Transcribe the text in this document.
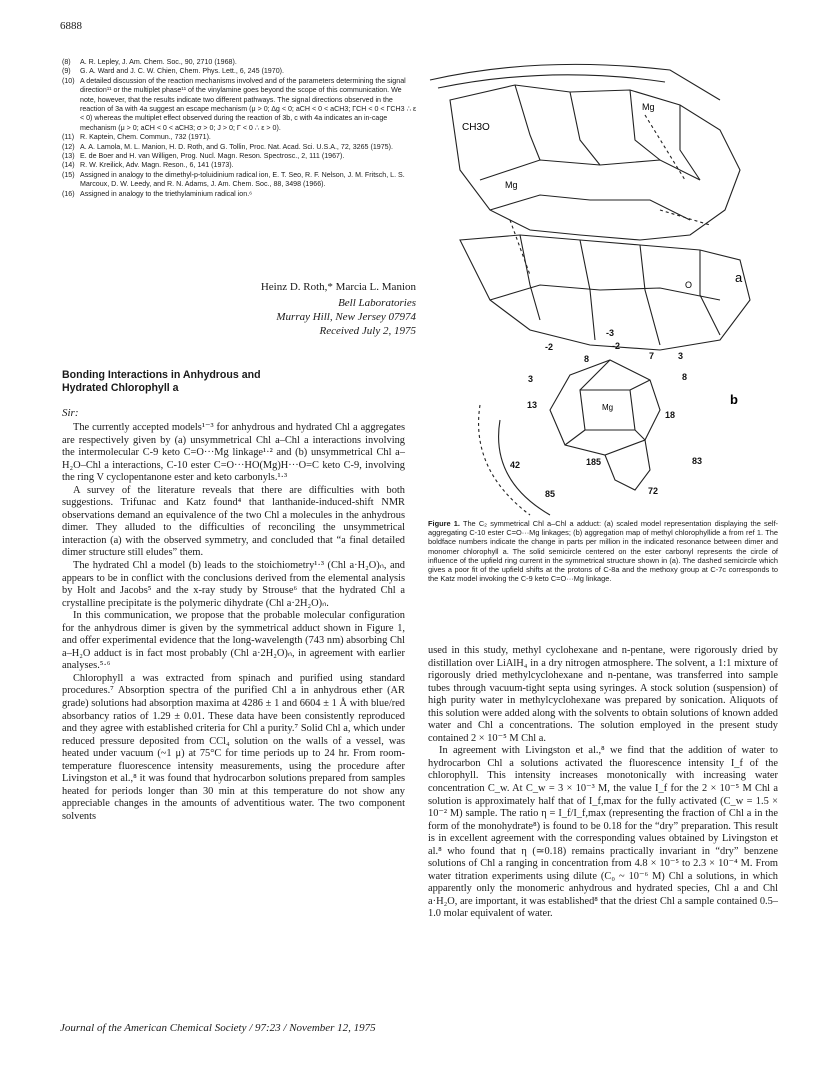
6888
(8)	A. R. Lepley, J. Am. Chem. Soc., 90, 2710 (1968).
(9)	G. A. Ward and J. C. W. Chien, Chem. Phys. Lett., 6, 245 (1970).
(10) A detailed discussion of the reaction mechanisms involved and of the parameters determining the signal direction¹¹ or the multiplet phase¹¹ of the vinylamine goes beyond the scope of this communication. We note, however, that the results indicate two different pathways. The signal directions observed in the reaction of 3a with 4a suggest an escape mechanism (μ > 0; Δg < 0; aCH < 0 < aCH3; ΓCH < 0 < ΓCH3 ∴ ε < 0) whereas the multiplet effect observed during the reaction of 3b, c with 4a indicates an in-cage mechanism (μ > 0; aCH < 0 < aCH3; σ > 0; J > 0; Γ < 0 ∴ ε > 0).
(11) R. Kaptein, Chem. Commun., 732 (1971).
(12) A. A. Lamola, M. L. Manion, H. D. Roth, and G. Tollin, Proc. Nat. Acad. Sci. U.S.A., 72, 3265 (1975).
(13) E. de Boer and H. van Willigen, Prog. Nucl. Magn. Reson. Spectrosc., 2, 111 (1967).
(14) R. W. Kreilick, Adv. Magn. Reson., 6, 141 (1973).
(15) Assigned in analogy to the dimethyl-p-toluidinium radical ion, E. T. Seo, R. F. Nelson, J. M. Fritsch, L. S. Marcoux, D. W. Leedy, and R. N. Adams, J. Am. Chem. Soc., 88, 3498 (1966).
(16) Assigned in analogy to the triethylaminium radical ion.⁶
Heinz D. Roth,* Marcia L. Manion
Bell Laboratories
Murray Hill, New Jersey 07974
Received July 2, 1975
Bonding Interactions in Anhydrous and
Hydrated Chlorophyll a
Sir:

The currently accepted models¹⁻³ for anhydrous and hydrated Chl a aggregates are respectively given by (a) unsymmetrical Chl a–Chl a interactions involving the intermolecular C-9 keto C=O···Mg linkage¹·² and (b) unsymmetrical Chl a–H₂O–Chl a interactions, C-10 ester C=O···HO(Mg)H···O=C keto C-9, involving the ring V cyclopentanone ester and keto carbonyls.¹·³

A survey of the literature reveals that there are difficulties with both suggestions. Trifunac and Katz found⁴ that lanthanide-induced-shift NMR observations demand an equivalence of the two Chl a molecules in the anhydrous dimer. They alluded to the difficulties of reconciling the unsymmetrical interaction (a) with the observed symmetry, and concluded that “a final detailed dimer structure still eludes” them.

The hydrated Chl a model (b) leads to the stoichiometry¹·³ (Chl a·H₂O)ₙ, and appears to be in conflict with the conclusions derived from the elemental analysis by Holt and Jacobs⁵ and the x-ray study by Strouse⁶ that the hydrated Chl a crystalline precipitate is the polymeric dihydrate (Chl a·2H₂O)ₙ.

In this communication, we propose that the probable molecular configuration for the anhydrous dimer is given by the symmetrical adduct shown in Figure 1, and offer experimental evidence that the long-wavelength (743 nm) absorbing Chl a–H₂O adduct is in fact most probably (Chl a·2H₂O)ₙ, in agreement with earlier analyses.⁵·⁶

Chlorophyll a was extracted from spinach and purified using standard procedures.⁷ Absorption spectra of the purified Chl a in anhydrous ether (AR grade) solutions had absorption maxima at 4286 ± 1 and 6604 ± 1 Å with blue/red absorbancy ratios of 1.29 ± 0.01. These data have been consistently reproduced and they agree with established criteria for Chl a purity.⁷ Solid Chl a, which under reduced pressure deposited from CCl₄ solution on the walls of a vessel, was heated under vacuum (~1 μ) at 75°C for time periods up to 24 hr. From room-temperature fluorescence intensity measurements, using the procedure after Livingston et al.,⁸ it was found that hydrocarbon solutions prepared from samples heated for periods longer than 30 min at this temperature do not show any appreciable changes in the amounts of adventitious water. The two component solvents

CH3O
Mg
Mg
O
Mg
a
b
-3
-2	-2
8	7	3
3	8
13
18
42	83
185
85	72
Figure 1. The C₂ symmetrical Chl a–Chl a adduct: (a) scaled model representation displaying the self-aggregating C-10 ester C=O···Mg linkages; (b) aggregation map of methyl chlorophyllide a from ref 1. The boldface numbers indicate the change in parts per million in the indicated resonance between dimer and monomer chlorophyll a. The solid semicircle centered on the ester carbonyl represents the circle of influence of the upfield ring current in the symmetrical structure shown in (a). The dashed semicircle which gives a poor fit of the upfield shifts at the protons of C-8a and the methoxy group at C-7c corresponds to the Katz model invoking the C-9 keto C=O···Mg linkage.

used in this study, methyl cyclohexane and n-pentane, were rigorously dried by distillation over LiAlH₄ in a dry nitrogen atmosphere. The solvent, a 1:1 mixture of rigorously dried methylcyclohexane and n-pentane, was transferred into sample tubes through vacuum-tight septa using syringes. A stock solution (suspension) of high purity water in methylcyclohexane was prepared by sonication. Aliquots of this solution were added along with the solvents to obtain solutions of known added water and Chl a concentrations. The solution employed in the present study contained 2 × 10⁻⁵ M Chl a.

In agreement with Livingston et al.,⁸ we find that the addition of water to hydrocarbon Chl a solutions activated the fluorescence intensity I_f of the chlorophyll. This intensity increases monotonically with increasing water concentration C_w. At C_w = 3 × 10⁻³ M, the value I_f for the 2 × 10⁻⁵ M Chl a solution is approximately half that of I_f,max for the fully activated (C_w = 1.5 × 10⁻² M) sample. The ratio η = I_f/I_f,max (representing the fraction of Chl a in the form of the monohydrate⁸) is found to be 0.18 for the “dry” preparation. This result is in excellent agreement with the corresponding values obtained by Livingston et al.⁸ who found that η (≃0.18) remains practically invariant in “dry” benzene solutions of Chl a ranging in concentration from 4.8 × 10⁻⁵ to 2.3 × 10⁻⁴ M. From water titration experiments using dilute (C₀ ~ 10⁻⁶ M) Chl a solutions, in which apparently only the monomeric anhydrous and hydrated species, Chl a and Chl a·H₂O, are important, it was established⁸ that the driest Chl a sample contained 0.5–1.0 molar equivalent of water.

Journal of the American Chemical Society / 97:23 / November 12, 1975
